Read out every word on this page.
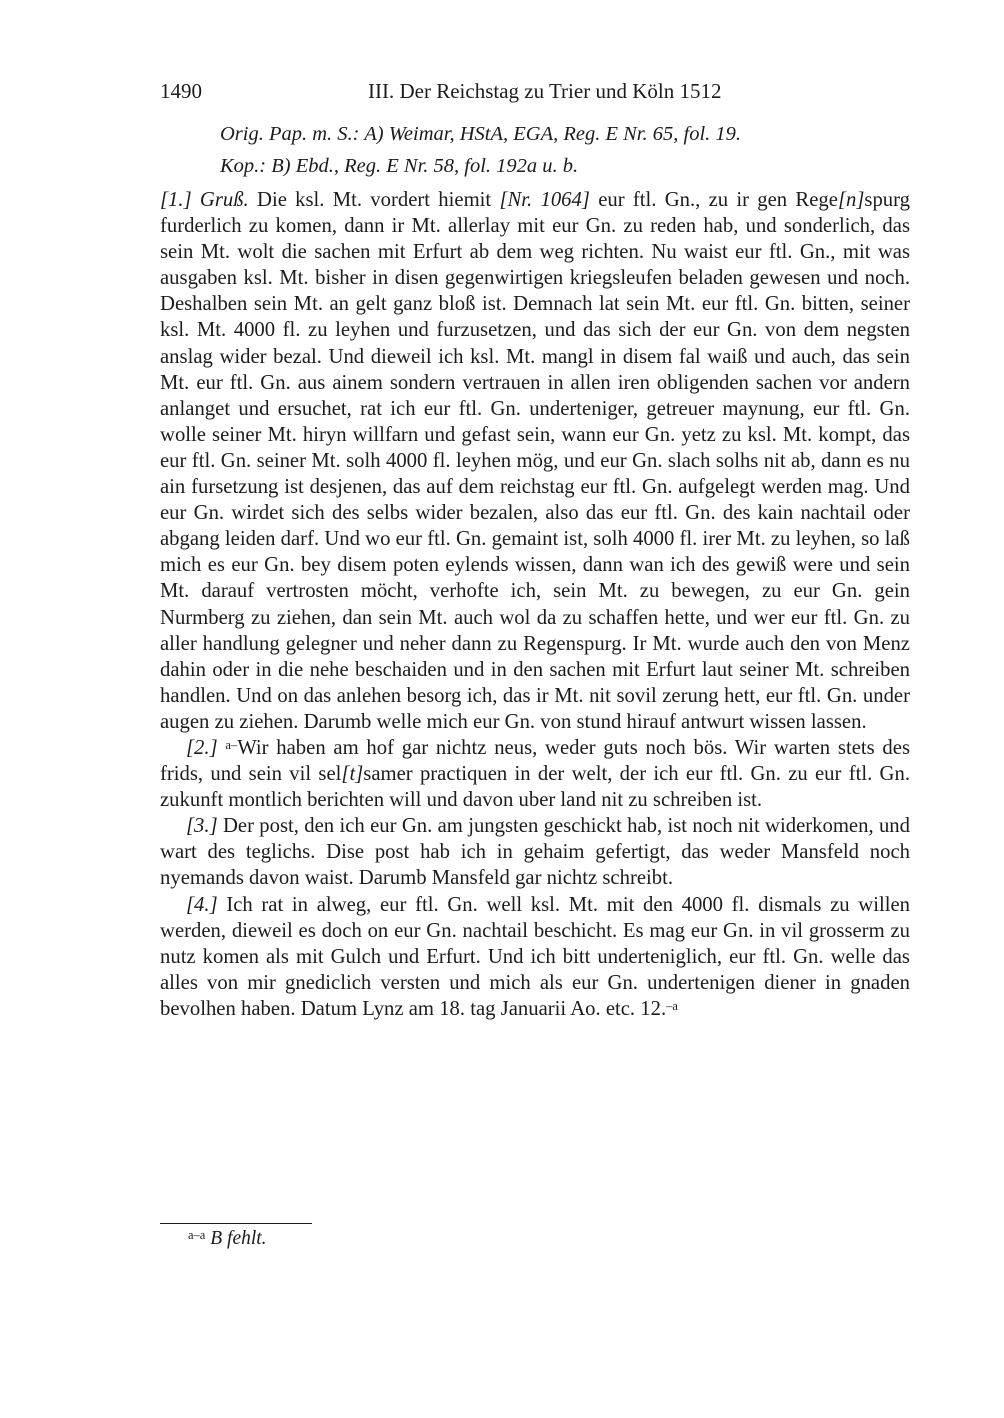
1490	III. Der Reichstag zu Trier und Köln 1512
Orig. Pap. m. S.: A) Weimar, HStA, EGA, Reg. E Nr. 65, fol. 19.
Kop.: B) Ebd., Reg. E Nr. 58, fol. 192a u. b.

[1.] Gruß. Die ksl. Mt. vordert hiemit [Nr. 1064] eur ftl. Gn., zu ir gen Rege[n]spurg furderlich zu komen, dann ir Mt. allerlay mit eur Gn. zu reden hab, und sonderlich, das sein Mt. wolt die sachen mit Erfurt ab dem weg richten. Nu waist eur ftl. Gn., mit was ausgaben ksl. Mt. bisher in disen gegenwirtigen kriegsleufen beladen gewesen und noch. Deshalben sein Mt. an gelt ganz bloß ist. Demnach lat sein Mt. eur ftl. Gn. bitten, seiner ksl. Mt. 4000 fl. zu leyhen und furzusetzen, und das sich der eur Gn. von dem negsten anslag wider bezal. Und dieweil ich ksl. Mt. mangl in disem fal waiß und auch, das sein Mt. eur ftl. Gn. aus ainem sondern vertrauen in allen iren obligenden sachen vor andern anlanget und ersuchet, rat ich eur ftl. Gn. underteniger, getreuer maynung, eur ftl. Gn. wolle seiner Mt. hiryn willfarn und gefast sein, wann eur Gn. yetz zu ksl. Mt. kompt, das eur ftl. Gn. seiner Mt. solh 4000 fl. leyhen mög, und eur Gn. slach solhs nit ab, dann es nu ain fursetzung ist desjenen, das auf dem reichstag eur ftl. Gn. aufgelegt werden mag. Und eur Gn. wirdet sich des selbs wider bezalen, also das eur ftl. Gn. des kain nachtail oder abgang leiden darf. Und wo eur ftl. Gn. gemaint ist, solh 4000 fl. irer Mt. zu leyhen, so laß mich es eur Gn. bey disem poten eylends wissen, dann wan ich des gewiß were und sein Mt. darauf vertrosten möcht, verhofte ich, sein Mt. zu bewegen, zu eur Gn. gein Nurmberg zu ziehen, dan sein Mt. auch wol da zu schaffen hette, und wer eur ftl. Gn. zu aller handlung gelegner und neher dann zu Regenspurg. Ir Mt. wurde auch den von Menz dahin oder in die nehe beschaiden und in den sachen mit Erfurt laut seiner Mt. schreiben handlen. Und on das anlehen besorg ich, das ir Mt. nit sovil zerung hett, eur ftl. Gn. under augen zu ziehen. Darumb welle mich eur Gn. von stund hirauf antwurt wissen lassen.

[2.] $^{a-}$Wir haben am hof gar nichtz neus, weder guts noch bös. Wir warten stets des frids, und sein vil sel[t]samer practiquen in der welt, der ich eur ftl. Gn. zu eur ftl. Gn. zukunft montlich berichten will und davon uber land nit zu schreiben ist.

[3.] Der post, den ich eur Gn. am jungsten geschickt hab, ist noch nit widerkomen, und wart des teglichs. Dise post hab ich in gehaim gefertigt, das weder Mansfeld noch nyemands davon waist. Darumb Mansfeld gar nichtz schreibt.

[4.] Ich rat in alweg, eur ftl. Gn. well ksl. Mt. mit den 4000 fl. dismals zu willen werden, dieweil es doch on eur Gn. nachtail beschicht. Es mag eur Gn. in vil grosserm zu nutz komen als mit Gulch und Erfurt. Und ich bitt underteniglich, eur ftl. Gn. welle das alles von mir gnediclich versten und mich als eur Gn. undertenigen diener in gnaden bevolhen haben. Datum Lynz am 18. tag Januarii Ao. etc. 12.$^{-a}$

$^{a-a}$ B fehlt.
